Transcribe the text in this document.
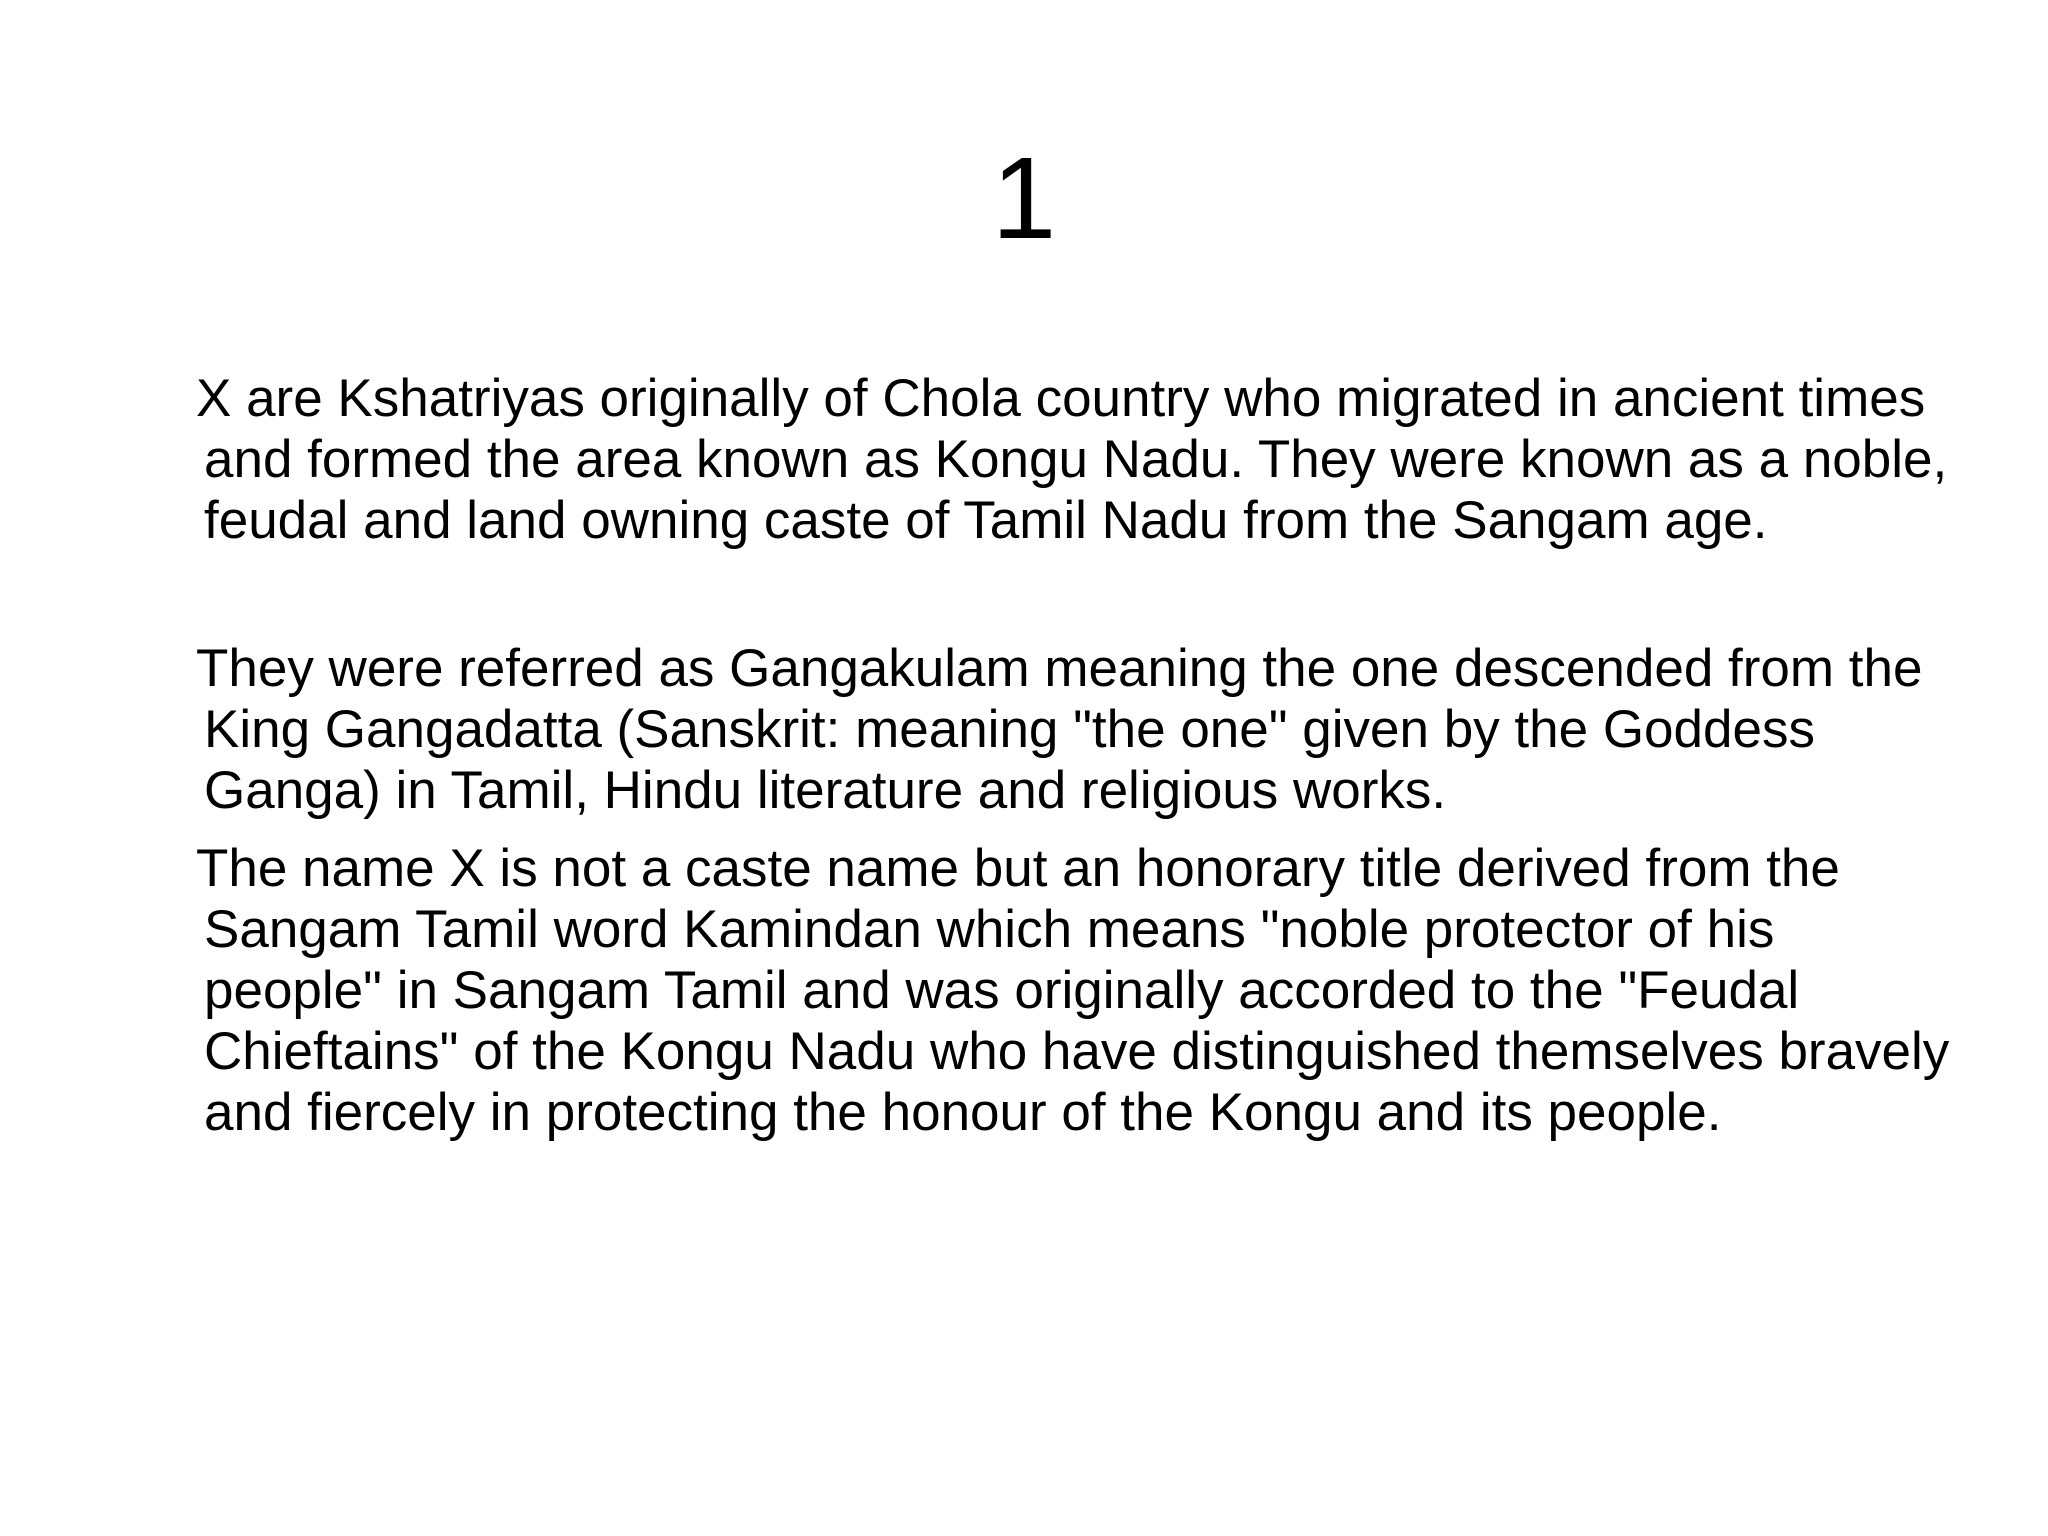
1

X are Kshatriyas originally of Chola country who migrated in ancient times and formed the area known as Kongu Nadu. They were known as a noble, feudal and land owning caste of Tamil Nadu from the Sangam age.

They were referred as Gangakulam meaning the one descended from the King Gangadatta (Sanskrit: meaning "the one" given by the Goddess Ganga) in Tamil, Hindu literature and religious works.

The name X is not a caste name but an honorary title derived from the Sangam Tamil word Kamindan which means "noble protector of his people" in Sangam Tamil and was originally accorded to the "Feudal Chieftains" of the Kongu Nadu who have distinguished themselves bravely and fiercely in protecting the honour of the Kongu and its people.
